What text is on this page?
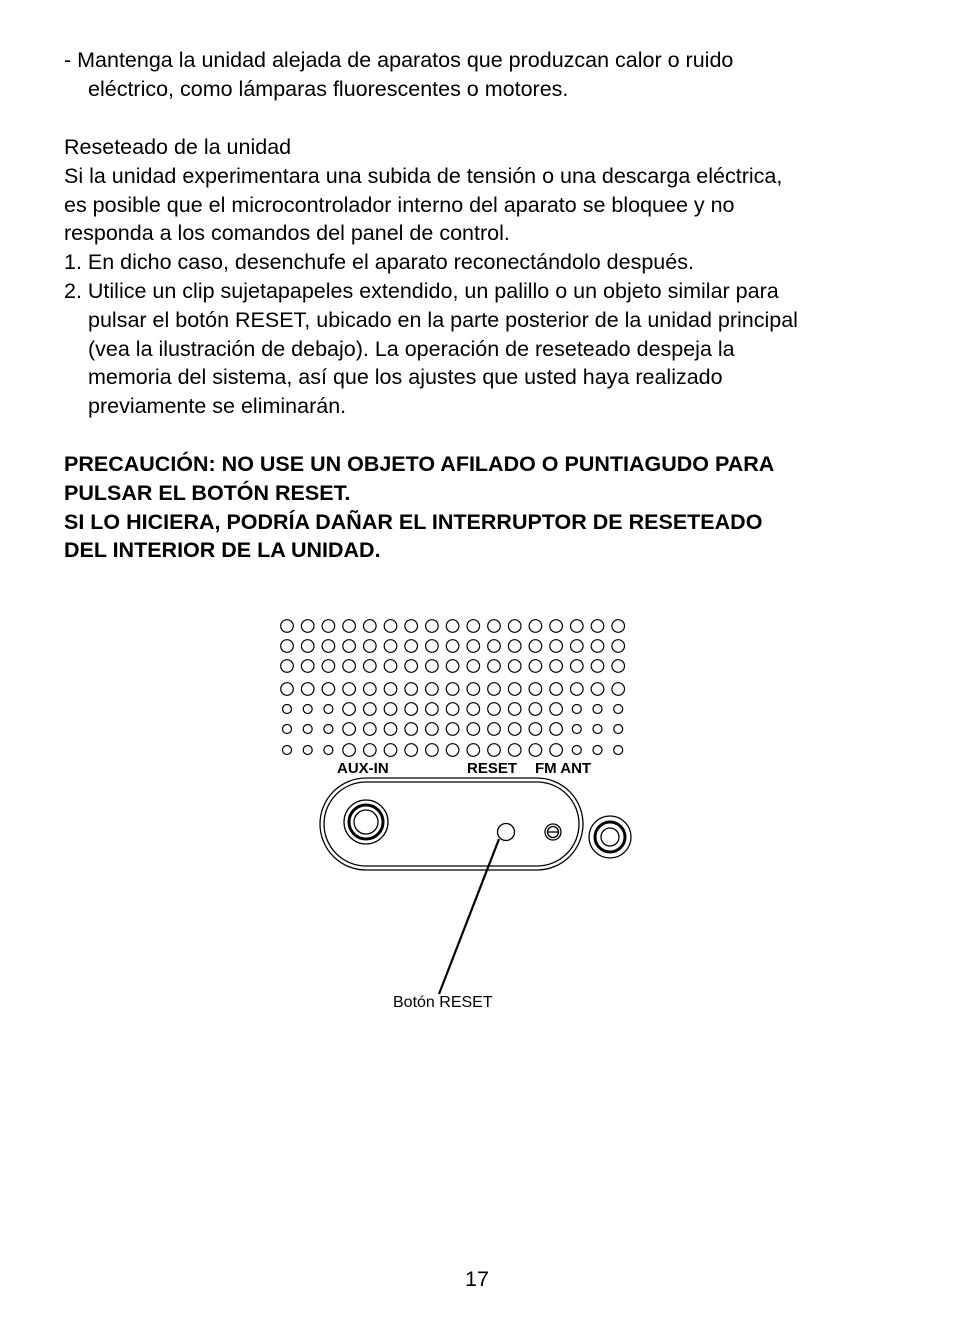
- Mantenga la unidad alejada de aparatos que produzcan calor o ruido
eléctrico, como lámparas fluorescentes o motores.
Reseteado de la unidad
Si la unidad experimentara una subida de tensión o una descarga eléctrica,
es posible que el microcontrolador interno del aparato se bloquee y no
responda a los comandos del panel de control.
1. En dicho caso, desenchufe el aparato reconectándolo después.
2. Utilice un clip sujetapapeles extendido, un palillo o un objeto similar para
pulsar el botón RESET, ubicado en la parte posterior de la unidad principal
(vea la ilustración de debajo). La operación de reseteado despeja la
memoria del sistema, así que los ajustes que usted haya realizado
previamente se eliminarán.
PRECAUCIÓN: NO USE UN OBJETO AFILADO O PUNTIAGUDO PARA
PULSAR EL BOTÓN RESET.
SI LO HICIERA, PODRÍA DAÑAR EL INTERRUPTOR DE RESETEADO
DEL INTERIOR DE LA UNIDAD.
AUX-IN	RESET FM ANT
Botón RESET
17
